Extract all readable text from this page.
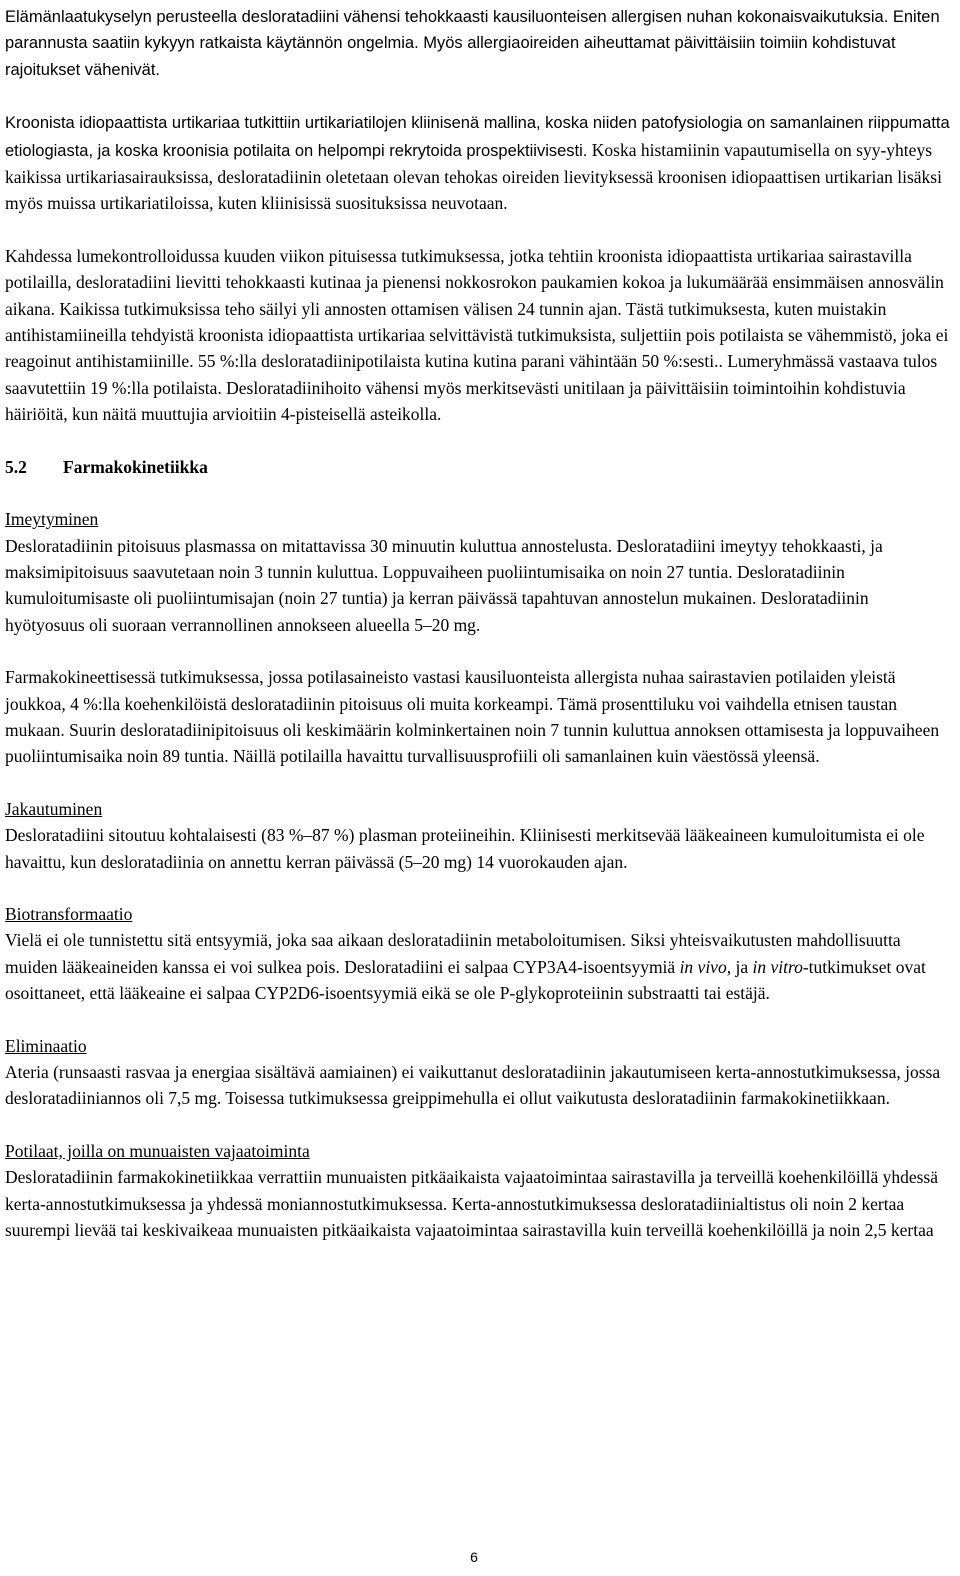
Elämänlaatukyselyn perusteella desloratadiini vähensi tehokkaasti kausiluonteisen allergisen nuhan kokonaisvaikutuksia. Eniten parannusta saatiin kykyyn ratkaista käytännön ongelmia. Myös allergiaoireiden aiheuttamat päivittäisiin toimiin kohdistuvat rajoitukset vähenivät.

Kroonista idiopaattista urtikariaa tutkittiin urtikariatilojen kliinisenä mallina, koska niiden patofysiologia on samanlainen riippumatta etiologiasta, ja koska kroonisia potilaita on helpompi rekrytoida prospektiivisesti. Koska histamiinin vapautumisella on syy-yhteys kaikissa urtikariasairauksissa, desloratadiinin oletetaan olevan tehokas oireiden lievityksessä kroonisen idiopaattisen urtikarian lisäksi myös muissa urtikariatiloissa, kuten kliinisissä suosituksissa neuvotaan.

Kahdessa lumekontrolloidussa kuuden viikon pituisessa tutkimuksessa, jotka tehtiin kroonista idiopaattista urtikariaa sairastavilla potilailla, desloratadiini lievitti tehokkaasti kutinaa ja pienensi nokkosrokon paukamien kokoa ja lukumäärää ensimmäisen annosvälin aikana. Kaikissa tutkimuksissa teho säilyi yli annosten ottamisen välisen 24 tunnin ajan. Tästä tutkimuksesta, kuten muistakin antihistamiineilla tehdyistä kroonista idiopaattista urtikariaa selvittävistä tutkimuksista, suljettiin pois potilaista se vähemmistö, joka ei reagoinut antihistamiinille. 55 %:lla desloratadiinipotilaista kutina kutina parani vähintään 50 %:sesti.. Lumeryhmässä vastaava tulos saavutettiin 19 %:lla potilaista. Desloratadiinihoito vähensi myös merkitsevästi unitilaan ja päivittäisiin toimintoihin kohdistuvia häiriöitä, kun näitä muuttujia arvioitiin 4-pisteisellä asteikolla.

5.2 Farmakokinetiikka
Imeytyminen
Desloratadiinin pitoisuus plasmassa on mitattavissa 30 minuutin kuluttua annostelusta. Desloratadiini imeytyy tehokkaasti, ja maksimipitoisuus saavutetaan noin 3 tunnin kuluttua. Loppuvaiheen puoliintumisaika on noin 27 tuntia. Desloratadiinin kumuloitumisaste oli puoliintumisajan (noin 27 tuntia) ja kerran päivässä tapahtuvan annostelun mukainen. Desloratadiinin hyötyosuus oli suoraan verrannollinen annokseen alueella 5–20 mg.

Farmakokineettisessä tutkimuksessa, jossa potilasaineisto vastasi kausiluonteista allergista nuhaa sairastavien potilaiden yleistä joukkoa, 4 %:lla koehenkilöistä desloratadiinin pitoisuus oli muita korkeampi. Tämä prosenttiluku voi vaihdella etnisen taustan mukaan. Suurin desloratadiinipitoisuus oli keskimäärin kolminkertainen noin 7 tunnin kuluttua annoksen ottamisesta ja loppuvaiheen puoliintumisaika noin 89 tuntia. Näillä potilailla havaittu turvallisuusprofiili oli samanlainen kuin väestössä yleensä.

Jakautuminen
Desloratadiini sitoutuu kohtalaisesti (83 %–87 %) plasman proteiineihin. Kliinisesti merkitsevää lääkeaineen kumuloitumista ei ole havaittu, kun desloratadiinia on annettu kerran päivässä (5–20 mg) 14 vuorokauden ajan.
Biotransformaatio
Vielä ei ole tunnistettu sitä entsyymiä, joka saa aikaan desloratadiinin metaboloitumisen. Siksi yhteisvaikutusten mahdollisuutta muiden lääkeaineiden kanssa ei voi sulkea pois. Desloratadiini ei salpaa CYP3A4-isoentsyymiä in vivo, ja in vitro-tutkimukset ovat osoittaneet, että lääkeaine ei salpaa CYP2D6-isoentsyymiä eikä se ole P-glykoproteiinin substraatti tai estäjä.
Eliminaatio
Ateria (runsaasti rasvaa ja energiaa sisältävä aamiainen) ei vaikuttanut desloratadiinin jakautumiseen kerta-annostutkimuksessa, jossa desloratadiiniannos oli 7,5 mg. Toisessa tutkimuksessa greippimehulla ei ollut vaikutusta desloratadiinin farmakokinetiikkaan.
Potilaat, joilla on munuaisten vajaatoiminta
Desloratadiinin farmakokinetiikkaa verrattiin munuaisten pitkäaikaista vajaatoimintaa sairastavilla ja terveillä koehenkilöillä yhdessä kerta-annostutkimuksessa ja yhdessä moniannostutkimuksessa. Kerta-annostutkimuksessa desloratadiinialtistus oli noin 2 kertaa suurempi lievää tai keskivaikeaa munuaisten pitkäaikaista vajaatoimintaa sairastavilla kuin terveillä koehenkilöillä ja noin 2,5 kertaa
6
